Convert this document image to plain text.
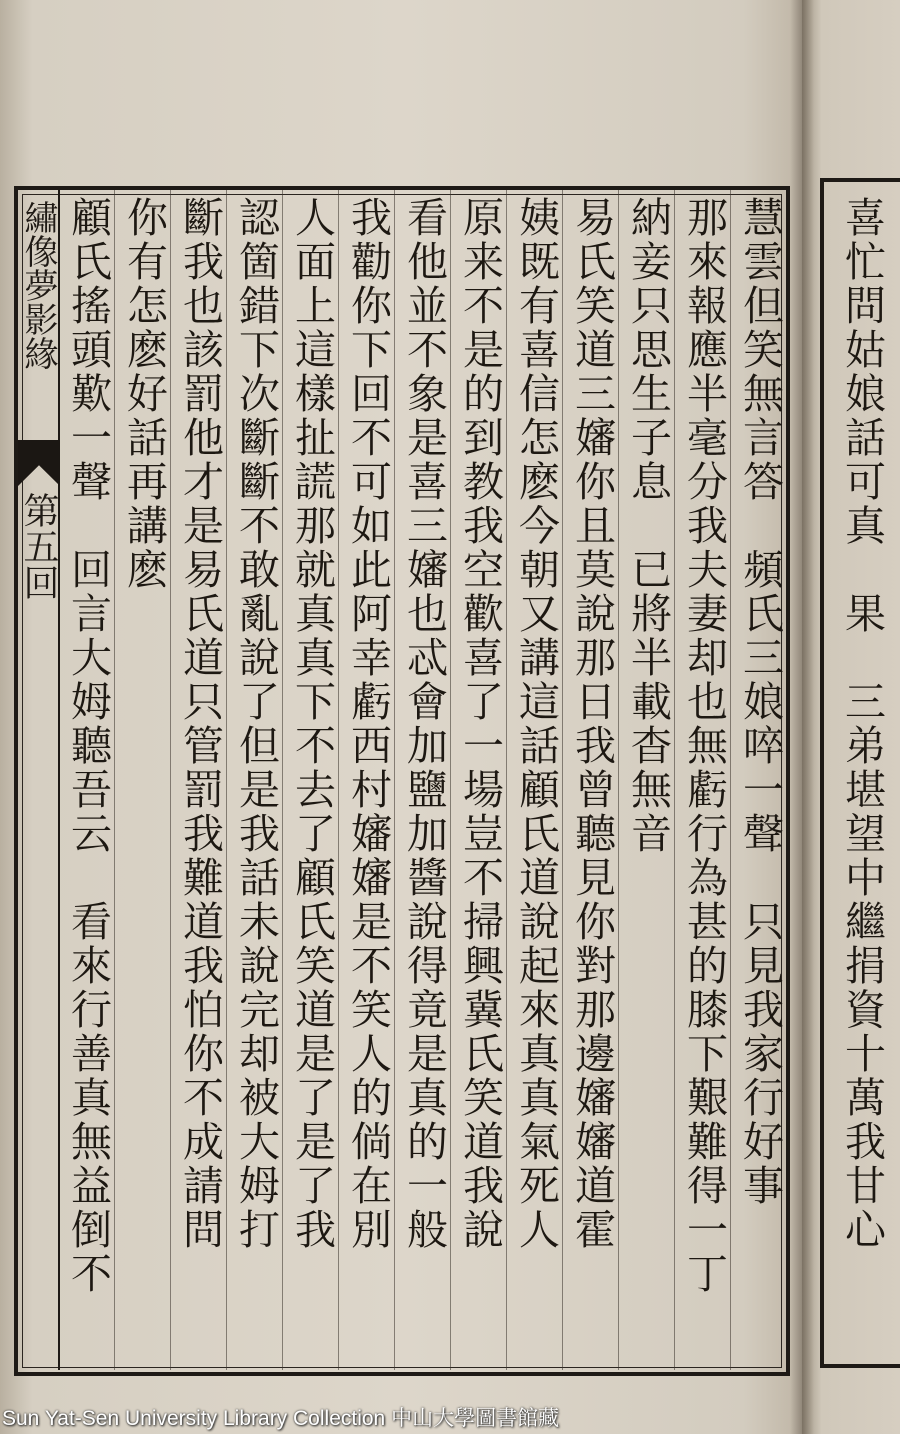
繡像夢影緣
第五回	慧雲但笑無言答　頻氏三娘啐一聲　只見我家行好事
那來報應半毫分我夫妻却也無虧行為甚的膝下艱難得一丁
納妾只思生子息　已將半載杳無音
易氏笑道三嬸你且莫說那日我曾聽見你對那邊嬸嬸道霍
姨既有喜信怎麽今朝又講這話顧氏道說起來真真氣死人
原来不是的到教我空歡喜了一場豈不掃興冀氏笑道我說
看他並不象是喜三嬸也忒會加鹽加醬說得竟是真的一般
我勸你下回不可如此阿幸虧西村嬸嬸是不笑人的倘在別
人面上這樣扯謊那就真真下不去了顧氏笑道是了是了我
認箇錯下次斷斷不敢亂說了但是我話未說完却被大姆打
斷我也該罰他才是易氏道只管罰我難道我怕你不成請問
你有怎麽好話再講麽
顧氏搖頭歎一聲　回言大姆聽吾云　看來行善真無益倒不	喜忙問姑娘話可真　果　三弟堪望中繼捐資十萬我甘心
Sun Yat-Sen University Library Collection 中山大學圖書館藏
